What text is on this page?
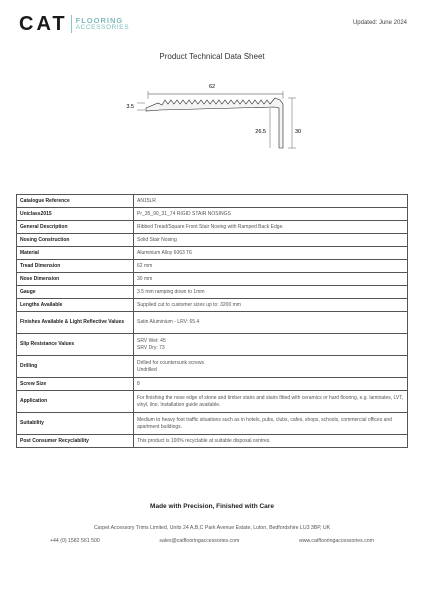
CAT FLOORING
ACCESSORIES
Updated: June 2024
Product Technical Data Sheet
62
3.5
26.5	30
Catalogue Reference	AN15LR
Uniclass2015	Pr_35_90_31_74 RIGID STAIR NOSINGS
General Description	Ribbed Tread/Square Front Stair Nosing with Ramped Back Edge.
Nosing Construction	Solid Stair Nosing
Material	Aluminium Alloy 6063 T6
Tread Dimension	62 mm
Nose Dimension	30 mm
Gauge	3.5 mm ramping down to 1mm
Lengths Available	Supplied cut to customer sizes up to: 3200 mm
Finishes Available & Light Reflective Values	Satin Aluminium - LRV: 65.4
Slip Resistance Values	SRV Wet: 45
SRV Dry: 73

Drilling	Drilled for countersunk screws
Undrilled

Screw Size	8
Application	For finishing the nose edge of stone and timber stairs and stairs fitted with ceramics or hard flooring, e.g. laminates, LVT, vinyl, lino. Installation guide available.
Suitability	Medium to heavy foot traffic situations such as in hotels, pubs, clubs, cafes, shops, schools, commercial offices and apartment buildings.
Post Consumer Recyclability	This product is 100% recyclable at suitable disposal centres.
Made with Precision, Finished with Care
Carpet Accessory Trims Limited, Units 24 A,B,C Park Avenue Estate, Luton, Bedfordshire LU3 3BP, UK
+44 (0) 1582 561 500	sales@catflooringaccessories.com	www.catflooringaccessories.com
